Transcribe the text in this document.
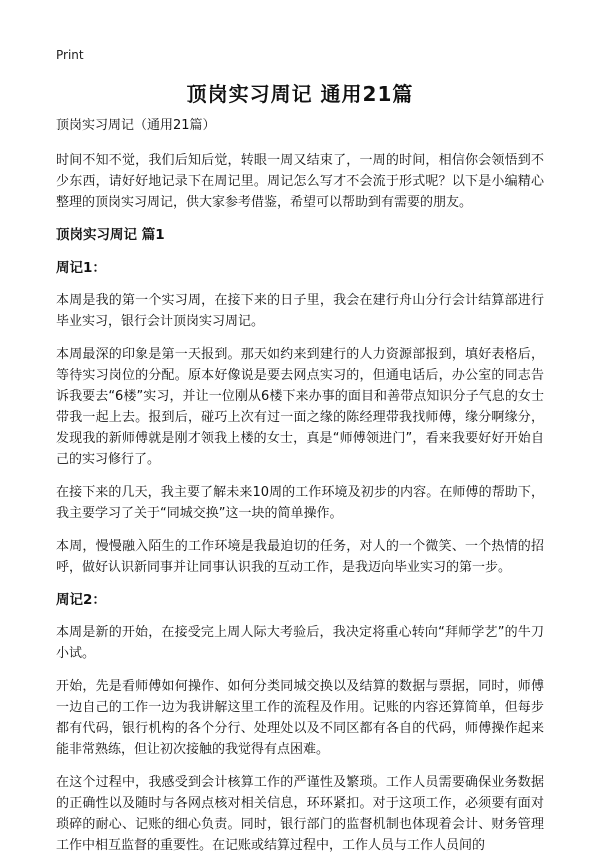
Print
顶岗实习周记 通用21篇
顶岗实习周记（通用21篇）

时间不知不觉，我们后知后觉，转眼一周又结束了，一周的时间，相信你会领悟到不少东西，请好好地记录下在周记里。周记怎么写才不会流于形式呢？以下是小编精心整理的顶岗实习周记，供大家参考借鉴，希望可以帮助到有需要的朋友。

顶岗实习周记 篇1
周记1：

本周是我的第一个实习周，在接下来的日子里，我会在建行舟山分行会计结算部进行毕业实习，银行会计顶岗实习周记。

本周最深的印象是第一天报到。那天如约来到建行的人力资源部报到，填好表格后，等待实习岗位的分配。原本好像说是要去网点实习的，但通电话后，办公室的同志告诉我要去“6楼”实习，并让一位刚从6楼下来办事的面目和善带点知识分子气息的女士带我一起上去。报到后，碰巧上次有过一面之缘的陈经理带我找师傅，缘分啊缘分，发现我的新师傅就是刚才领我上楼的女士，真是“师傅领进门”，看来我要好好开始自己的实习修行了。

在接下来的几天，我主要了解未来10周的工作环境及初步的内容。在师傅的帮助下，我主要学习了关于“同城交换”这一块的简单操作。

本周，慢慢融入陌生的工作环境是我最迫切的任务，对人的一个微笑、一个热情的招呼，做好认识新同事并让同事认识我的互动工作，是我迈向毕业实习的第一步。

周记2：

本周是新的开始，在接受完上周人际大考验后，我决定将重心转向“拜师学艺”的牛刀小试。

开始，先是看师傅如何操作、如何分类同城交换以及结算的数据与票据，同时，师傅一边自己的工作一边为我讲解这里工作的流程及作用。记账的内容还算简单，但每步都有代码，银行机构的各个分行、处理处以及不同区都有各自的代码，师傅操作起来能非常熟练，但让初次接触的我觉得有点困难。

在这个过程中，我感受到会计核算工作的严谨性及繁琐。工作人员需要确保业务数据的正确性以及随时与各网点核对相关信息，环环紧扣。对于这项工作，必须要有面对琐碎的耐心、记账的细心负责。同时，银行部门的监督机制也体现着会计、财务管理工作中相互监督的重要性。在记账或结算过程中，工作人员与工作人员间的
